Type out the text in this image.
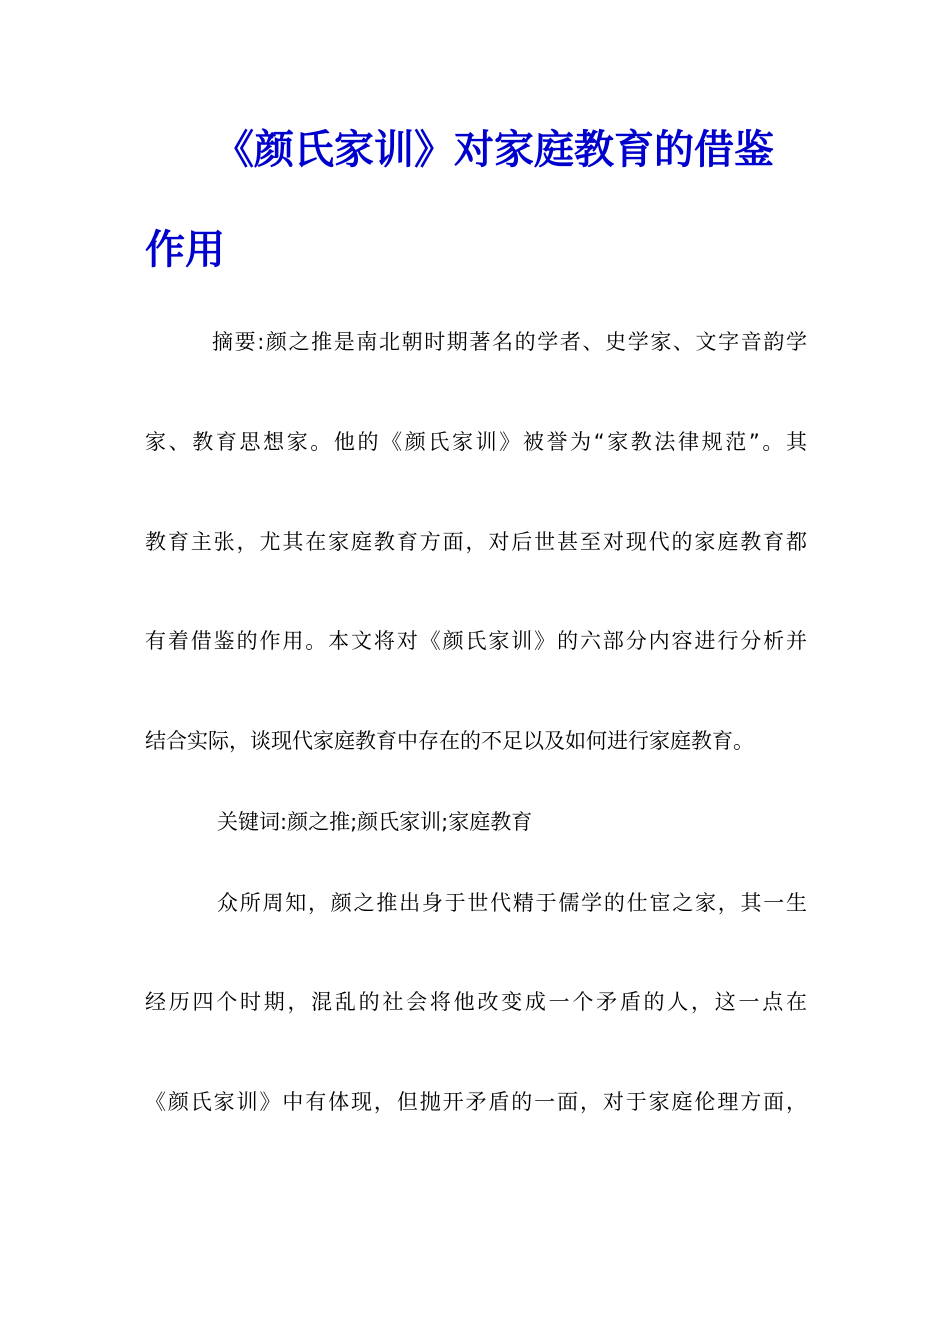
《颜氏家训》对家庭教育的借鉴
作用
摘要:颜之推是南北朝时期著名的学者、史学家、文字音韵学
家、教育思想家。他的《颜氏家训》被誉为“家教法律规范”。其
教育主张，尤其在家庭教育方面，对后世甚至对现代的家庭教育都
有着借鉴的作用。本文将对《颜氏家训》的六部分内容进行分析并
结合实际，谈现代家庭教育中存在的不足以及如何进行家庭教育。
关键词:颜之推;颜氏家训;家庭教育
众所周知，颜之推出身于世代精于儒学的仕宦之家，其一生
经历四个时期，混乱的社会将他改变成一个矛盾的人，这一点在
《颜氏家训》中有体现，但抛开矛盾的一面，对于家庭伦理方面，
